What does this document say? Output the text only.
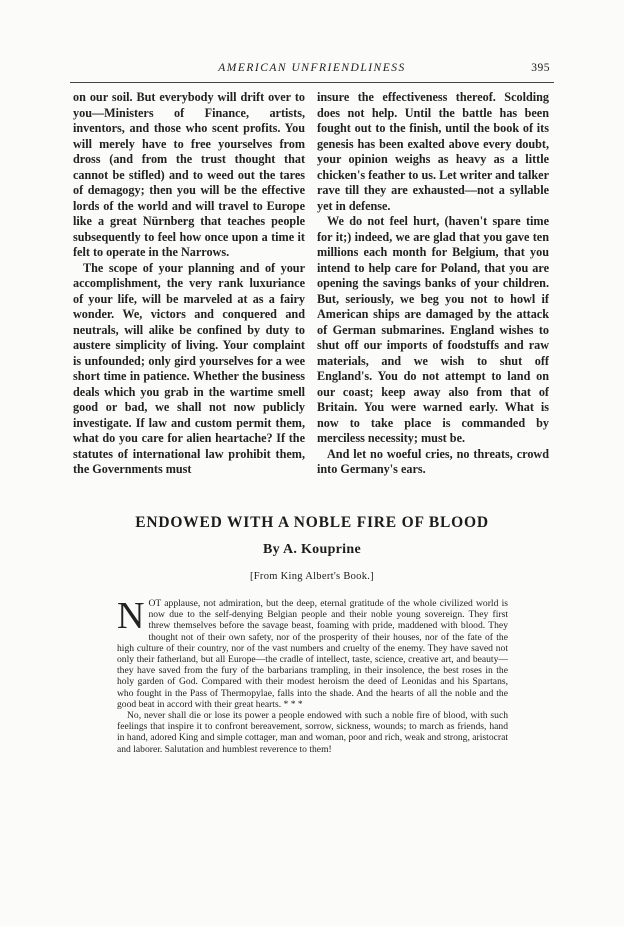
AMERICAN UNFRIENDLINESS	395

on our soil. But everybody will drift over to you—Ministers of Finance, artists, inventors, and those who scent profits. You will merely have to free yourselves from dross (and from the trust thought that cannot be stifled) and to weed out the tares of demagogy; then you will be the effective lords of the world and will travel to Europe like a great Nürnberg that teaches people subsequently to feel how once upon a time it felt to operate in the Narrows.

The scope of your planning and of your accomplishment, the very rank luxuriance of your life, will be marveled at as a fairy wonder. We, victors and conquered and neutrals, will alike be confined by duty to austere simplicity of living. Your complaint is unfounded; only gird yourselves for a wee short time in patience. Whether the business deals which you grab in the wartime smell good or bad, we shall not now publicly investigate. If law and custom permit them, what do you care for alien heartache? If the statutes of international law prohibit them, the Governments must

insure the effectiveness thereof. Scolding does not help. Until the battle has been fought out to the finish, until the book of its genesis has been exalted above every doubt, your opinion weighs as heavy as a little chicken's feather to us. Let writer and talker rave till they are exhausted—not a syllable yet in defense.

We do not feel hurt, (haven't spare time for it;) indeed, we are glad that you gave ten millions each month for Belgium, that you intend to help care for Poland, that you are opening the savings banks of your children. But, seriously, we beg you not to howl if American ships are damaged by the attack of German submarines. England wishes to shut off our imports of foodstuffs and raw materials, and we wish to shut off England's. You do not attempt to land on our coast; keep away also from that of Britain. You were warned early. What is now to take place is commanded by merciless necessity; must be.

And let no woeful cries, no threats, crowd into Germany's ears.

ENDOWED WITH A NOBLE FIRE OF BLOOD
By A. Kouprine
[From King Albert's Book.]

NOT applause, not admiration, but the deep, eternal gratitude of the whole civilized world is now due to the self-denying Belgian people and their noble young sovereign. They first threw themselves before the savage beast, foaming with pride, maddened with blood. They thought not of their own safety, nor of the prosperity of their houses, nor of the fate of the high culture of their country, nor of the vast numbers and cruelty of the enemy. They have saved not only their fatherland, but all Europe—the cradle of intellect, taste, science, creative art, and beauty—they have saved from the fury of the barbarians trampling, in their insolence, the best roses in the holy garden of God. Compared with their modest heroism the deed of Leonidas and his Spartans, who fought in the Pass of Thermopylae, falls into the shade. And the hearts of all the noble and the good beat in accord with their great hearts. * * *

No, never shall die or lose its power a people endowed with such a noble fire of blood, with such feelings that inspire it to confront bereavement, sorrow, sickness, wounds; to march as friends, hand in hand, adored King and simple cottager, man and woman, poor and rich, weak and strong, aristocrat and laborer. Salutation and humblest reverence to them!
